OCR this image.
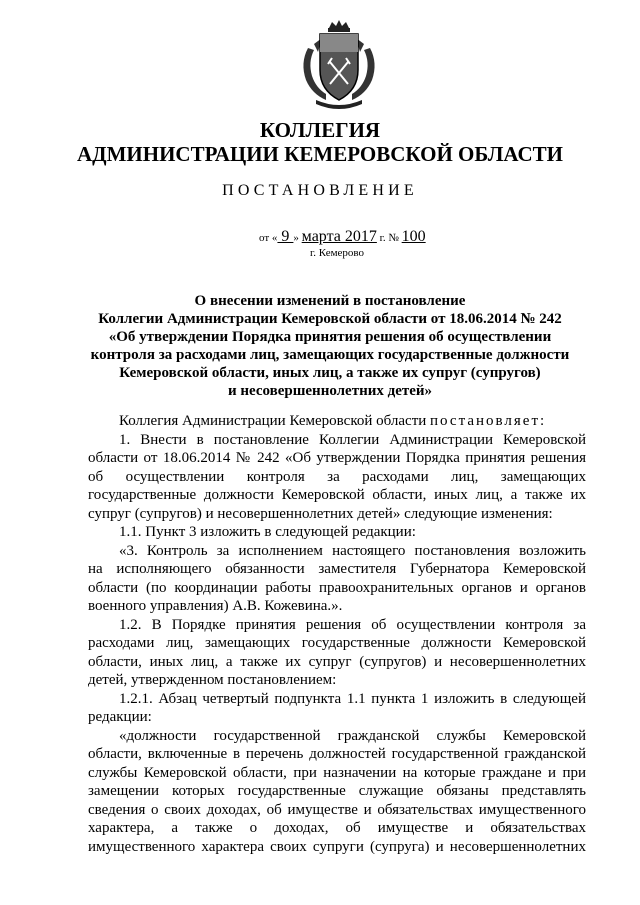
КОЛЛЕГИЯ
АДМИНИСТРАЦИИ КЕМЕРОВСКОЙ ОБЛАСТИ
ПОСТАНОВЛЕНИЕ
от « 9 » марта 2017 г. № 100
г. Кемерово
О внесении изменений в постановление
Коллегии Администрации Кемеровской области от 18.06.2014 № 242
«Об утверждении Порядка принятия решения об осуществлении
контроля за расходами лиц, замещающих государственные должности
Кемеровской области, иных лиц, а также их супруг (супругов)
и несовершеннолетних детей»
Коллегия Администрации Кемеровской области постановляет:
1. Внести в постановление Коллегии Администрации Кемеровской
области от 18.06.2014 № 242 «Об утверждении Порядка принятия решения
об осуществлении контроля за расходами лиц, замещающих
государственные должности Кемеровской области, иных лиц, а также их
супруг (супругов) и несовершеннолетних детей» следующие изменения:
1.1. Пункт 3 изложить в следующей редакции:
«3. Контроль за исполнением настоящего постановления возложить
на исполняющего обязанности заместителя Губернатора Кемеровской
области (по координации работы правоохранительных органов и органов
военного управления) А.В. Кожевина.».
1.2. В Порядке принятия решения об осуществлении контроля за
расходами лиц, замещающих государственные должности Кемеровской
области, иных лиц, а также их супруг (супругов) и несовершеннолетних
детей, утвержденном постановлением:
1.2.1. Абзац четвертый подпункта 1.1 пункта 1 изложить в следующей
редакции:
«должности государственной гражданской службы Кемеровской
области, включенные в перечень должностей государственной гражданской
службы Кемеровской области, при назначении на которые граждане и при
замещении которых государственные служащие обязаны представлять
сведения о своих доходах, об имуществе и обязательствах имущественного
характера, а также о доходах, об имуществе и обязательствах
имущественного характера своих супруги (супруга) и несовершеннолетних
